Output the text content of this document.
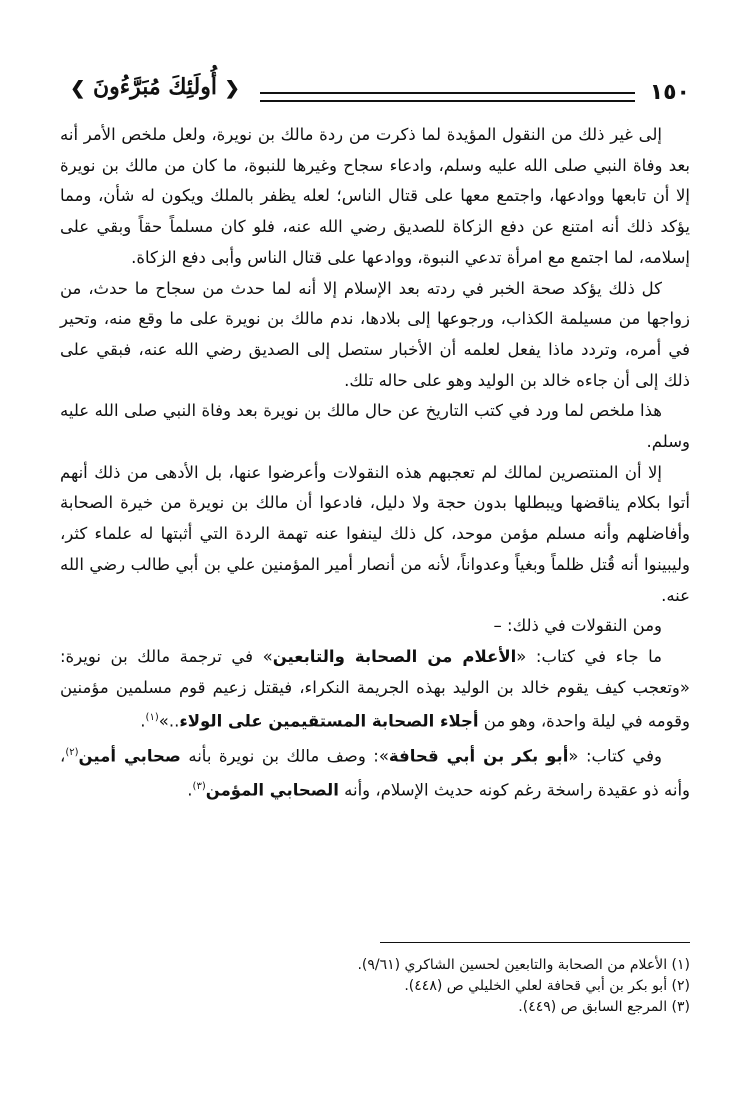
١٥٠
❮ أُولَئِكَ مُبَرَّءُونَ ❯

إلى غير ذلك من النقول المؤيدة لما ذكرت من ردة مالك بن نويرة، ولعل ملخص الأمر أنه بعد وفاة النبي صلى الله عليه وسلم، وادعاء سجاح وغيرها للنبوة، ما كان من مالك بن نويرة إلا أن تابعها ووادعها، واجتمع معها على قتال الناس؛ لعله يظفر بالملك ويكون له شأن، ومما يؤكد ذلك أنه امتنع عن دفع الزكاة للصديق رضي الله عنه، فلو كان مسلماً حقاً وبقي على إسلامه، لما اجتمع مع امرأة تدعي النبوة، ووادعها على قتال الناس وأبى دفع الزكاة.

كل ذلك يؤكد صحة الخبر في ردته بعد الإسلام إلا أنه لما حدث من سجاح ما حدث، من زواجها من مسيلمة الكذاب، ورجوعها إلى بلادها، ندم مالك بن نويرة على ما وقع منه، وتحير في أمره، وتردد ماذا يفعل لعلمه أن الأخبار ستصل إلى الصديق رضي الله عنه، فبقي على ذلك إلى أن جاءه خالد بن الوليد وهو على حاله تلك.

هذا ملخص لما ورد في كتب التاريخ عن حال مالك بن نويرة بعد وفاة النبي صلى الله عليه وسلم.

إلا أن المنتصرين لمالك لم تعجبهم هذه النقولات وأعرضوا عنها، بل الأدهى من ذلك أنهم أتوا بكلام يناقضها ويبطلها بدون حجة ولا دليل، فادعوا أن مالك بن نويرة من خيرة الصحابة وأفاضلهم وأنه مسلم مؤمن موحد، كل ذلك لينفوا عنه تهمة الردة التي أثبتها له علماء كثر، وليبينوا أنه قُتل ظلماً وبغياً وعدواناً، لأنه من أنصار أمير المؤمنين علي بن أبي طالب رضي الله عنه.

ومن النقولات في ذلك: –

ما جاء في كتاب: «الأعلام من الصحابة والتابعين» في ترجمة مالك بن نويرة: «وتعجب كيف يقوم خالد بن الوليد بهذه الجريمة النكراء، فيقتل زعيم قوم مسلمين مؤمنين وقومه في ليلة واحدة، وهو من أجلاء الصحابة المستقيمين على الولاء..»$^{(١)}$.

وفي كتاب: «أبو بكر بن أبي قحافة»: وصف مالك بن نويرة بأنه صحابي أمين$^{(٢)}$، وأنه ذو عقيدة راسخة رغم كونه حديث الإسلام، وأنه الصحابي المؤمن$^{(٣)}$.

(١) الأعلام من الصحابة والتابعين لحسين الشاكري (٩/٦١).
(٢) أبو بكر بن أبي قحافة لعلي الخليلي ص (٤٤٨).
(٣) المرجع السابق ص (٤٤٩).
